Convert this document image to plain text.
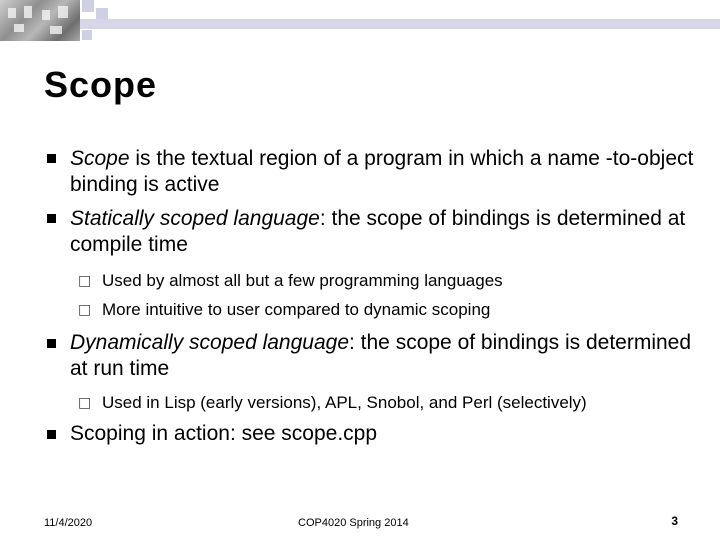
Scope
Scope is the textual region of a program in which a name -to-object binding is active
Statically scoped language: the scope of bindings is determined at compile time
□ Used by almost all but a few programming languages
□ More intuitive to user compared to dynamic scoping
Dynamically scoped language: the scope of bindings is determined at run time
□ Used in Lisp (early versions), APL, Snobol, and Perl (selectively)
Scoping in action: see scope.cpp
11/4/2020	COP4020 Spring 2014	3
